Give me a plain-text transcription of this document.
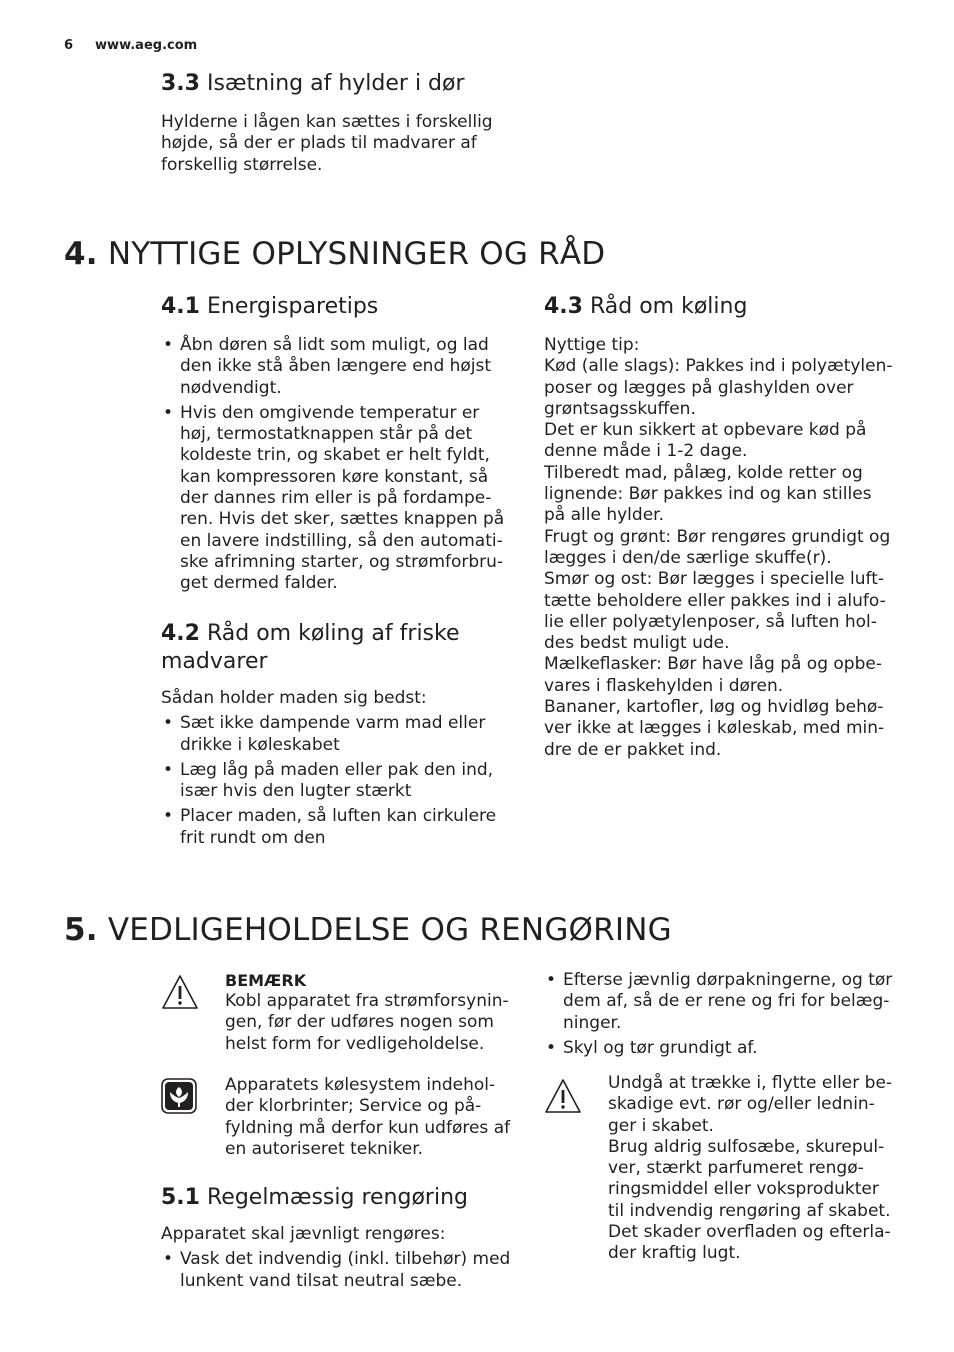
6 www.aeg.com
3.3 Isætning af hylder i dør

Hylderne i lågen kan sættes i forskellig højde, så der er plads til madvarer af forskellig størrelse.

4. NYTTIGE OPLYSNINGER OG RÅD
4.1 Energisparetips
• Åbn døren så lidt som muligt, og lad den ikke stå åben længere end højst nødvendigt.
• Hvis den omgivende temperatur er høj, termostatknappen står på det koldeste trin, og skabet er helt fyldt, kan kompressoren køre konstant, så der dannes rim eller is på fordampe-ren. Hvis det sker, sættes knappen på en lavere indstilling, så den automati-ske afrimning starter, og strømforbru-get dermed falder.
4.2 Råd om køling af friske madvarer

Sådan holder maden sig bedst:

• Sæt ikke dampende varm mad eller drikke i køleskabet
• Læg låg på maden eller pak den ind, især hvis den lugter stærkt
• Placer maden, så luften kan cirkulere frit rundt om den
4.3 Råd om køling

Nyttige tip:

Kød (alle slags): Pakkes ind i polyætylen-poser og lægges på glashylden over grøntsagsskuffen.

Det er kun sikkert at opbevare kød på denne måde i 1-2 dage.

Tilberedt mad, pålæg, kolde retter og lignende: Bør pakkes ind og kan stilles på alle hylder.

Frugt og grønt: Bør rengøres grundigt og lægges i den/de særlige skuffe(r).

Smør og ost: Bør lægges i specielle luft-tætte beholdere eller pakkes ind i alufo-lie eller polyætylenposer, så luften hol-des bedst muligt ude.

Mælkeflasker: Bør have låg på og opbe-vares i flaskehylden i døren.

Bananer, kartofler, løg og hvidløg behø-ver ikke at lægges i køleskab, med min-dre de er pakket ind.

5. VEDLIGEHOLDELSE OG RENGØRING
BEMÆRK

Kobl apparatet fra strømforsynin-gen, før der udføres nogen som helst form for vedligeholdelse.

Apparatets kølesystem indehol-der klorbrinter; Service og på-fyldning må derfor kun udføres af en autoriseret tekniker.

5.1 Regelmæssig rengøring

Apparatet skal jævnligt rengøres:

• Vask det indvendig (inkl. tilbehør) med lunkent vand tilsat neutral sæbe.
• Efterse jævnlig dørpakningerne, og tør dem af, så de er rene og fri for belæg-ninger.
• Skyl og tør grundigt af.

Undgå at trække i, flytte eller be-skadige evt. rør og/eller lednin-ger i skabet.

Brug aldrig sulfosæbe, skurepul-ver, stærkt parfumeret rengø-ringsmiddel eller voksprodukter til indvendig rengøring af skabet. Det skader overfladen og efterla-der kraftig lugt.
